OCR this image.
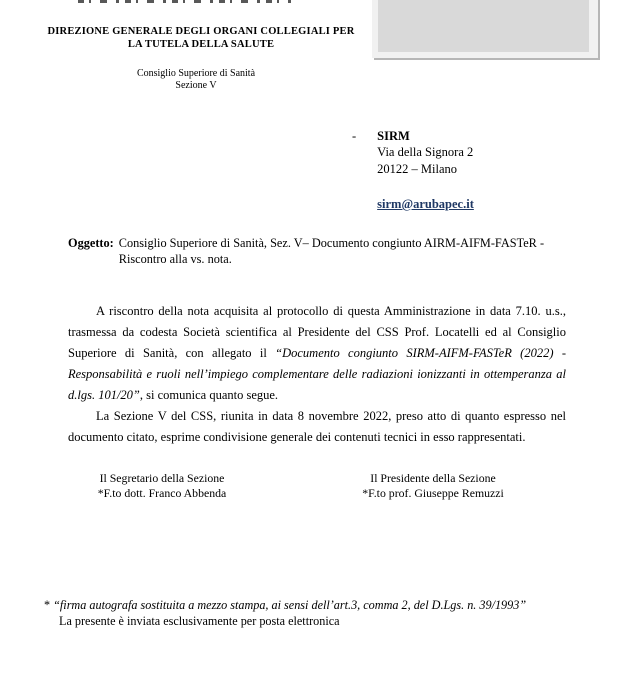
DIREZIONE GENERALE DEGLI ORGANI COLLEGIALI PER
LA TUTELA DELLA SALUTE
Consiglio Superiore di Sanità
Sezione V
- SIRM
Via della Signora 2
20122 – Milano
sirm@arubapec.it
Oggetto: Consiglio Superiore di Sanità, Sez. V– Documento congiunto AIRM-AIFM-FASTeR -
Riscontro alla vs. nota.

A riscontro della nota acquisita al protocollo di questa Amministrazione in data 7.10. u.s., trasmessa da codesta Società scientifica al Presidente del CSS Prof. Locatelli ed al Consiglio Superiore di Sanità, con allegato il “Documento congiunto SIRM-AIFM-FASTeR (2022) - Responsabilità e ruoli nell’impiego complementare delle radiazioni ionizzanti in ottemperanza al d.lgs. 101/20”, si comunica quanto segue.

La Sezione V del CSS, riunita in data 8 novembre 2022, preso atto di quanto espresso nel documento citato, esprime condivisione generale dei contenuti tecnici in esso rappresentati.

Il Segretario della Sezione
*F.to dott. Franco Abbenda
Il Presidente della Sezione
*F.to prof. Giuseppe Remuzzi
* “firma autografa sostituita a mezzo stampa, ai sensi dell’art.3, comma 2, del D.Lgs. n. 39/1993”
La presente è inviata esclusivamente per posta elettronica
